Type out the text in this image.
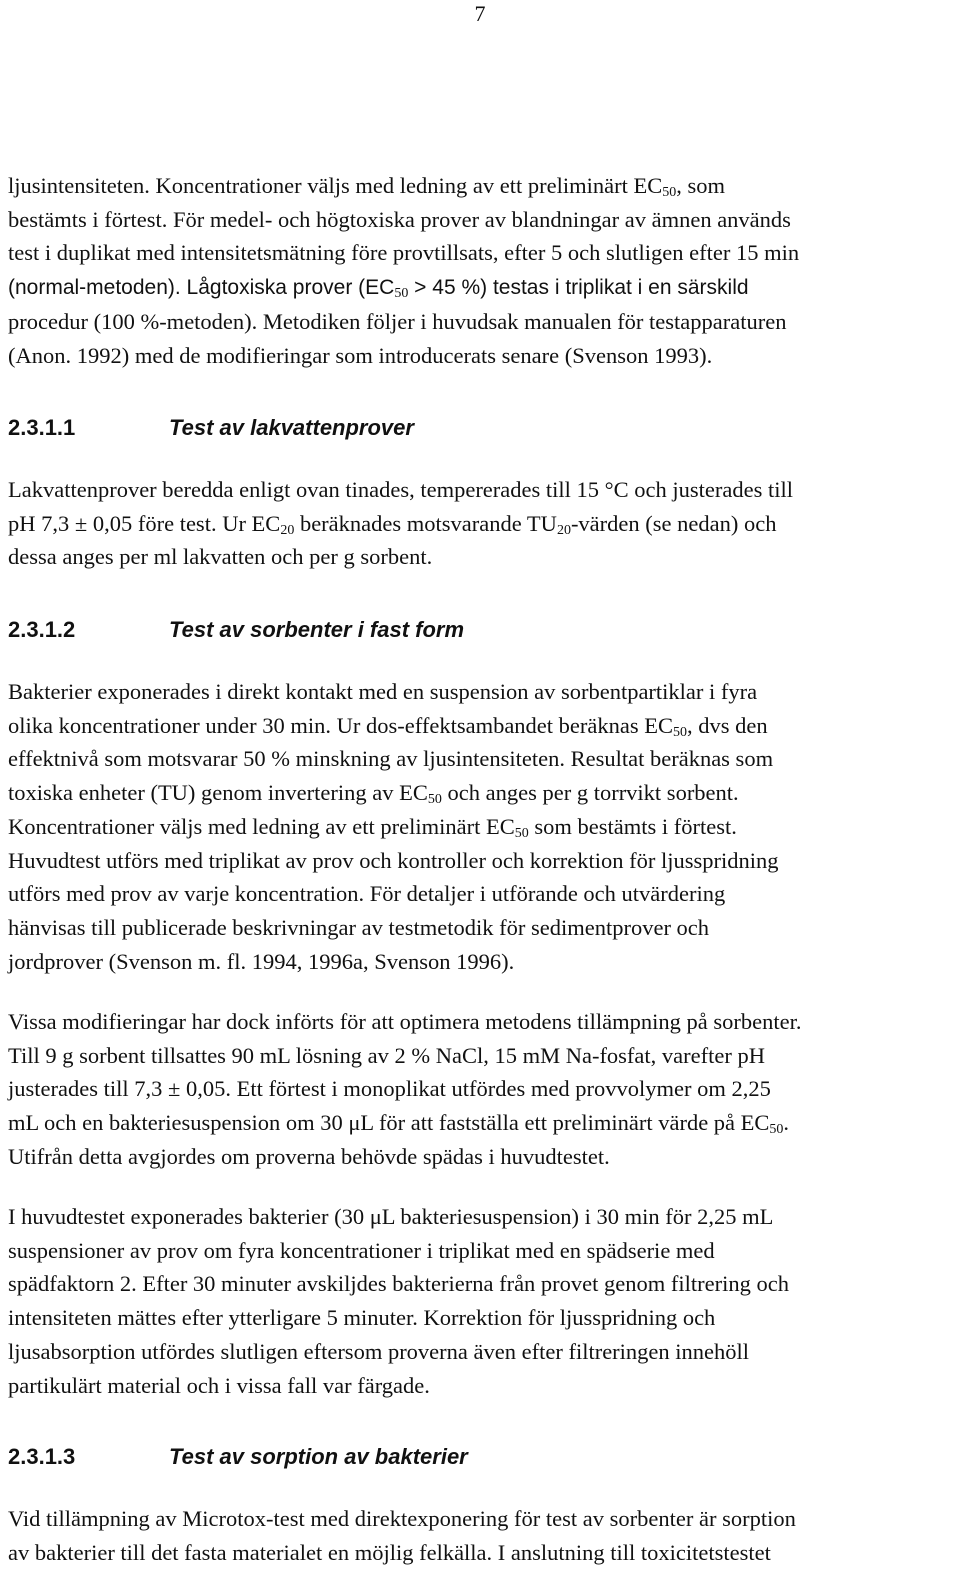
7
ljusintensiteten. Koncentrationer väljs med ledning av ett preliminärt $EC_{50}$, som
bestämts i förtest. För medel- och högtoxiska prover av blandningar av ämnen används
test i duplikat med intensitetsmätning före provtillsats, efter 5 och slutligen efter 15 min
(normal-metoden). Lågtoxiska prover ($EC_{50} > 45$ %) testas i triplikat i en särskild
procedur (100 %-metoden). Metodiken följer i huvudsak manualen för testapparaturen
(Anon. 1992) med de modifieringar som introducerats senare (Svenson 1993).
2.3.1.1	Test av lakvattenprover
Lakvattenprover beredda enligt ovan tinades, tempererades till 15 °C och justerades till
pH 7,3 ± 0,05 före test. Ur $EC_{20}$ beräknades motsvarande $TU_{20}$-värden (se nedan) och
dessa anges per ml lakvatten och per g sorbent.
2.3.1.2	Test av sorbenter i fast form
Bakterier exponerades i direkt kontakt med en suspension av sorbentpartiklar i fyra
olika koncentrationer under 30 min. Ur dos-effektsambandet beräknas $EC_{50}$, dvs den
effektnivå som motsvarar 50 % minskning av ljusintensiteten. Resultat beräknas som
toxiska enheter (TU) genom invertering av $EC_{50}$ och anges per g torrvikt sorbent.
Koncentrationer väljs med ledning av ett preliminärt $EC_{50}$ som bestämts i förtest.
Huvudtest utförs med triplikat av prov och kontroller och korrektion för ljusspridning
utförs med prov av varje koncentration. För detaljer i utförande och utvärdering
hänvisas till publicerade beskrivningar av testmetodik för sedimentprover och
jordprover (Svenson m. fl. 1994, 1996a, Svenson 1996).
Vissa modifieringar har dock införts för att optimera metodens tillämpning på sorbenter.
Till 9 g sorbent tillsattes 90 mL lösning av 2 % NaCl, 15 mM Na-fosfat, varefter pH
justerades till 7,3 ± 0,05. Ett förtest i monoplikat utfördes med provvolymer om 2,25
mL och en bakteriesuspension om 30 μL för att fastställa ett preliminärt värde på $EC_{50}$.
Utifrån detta avgjordes om proverna behövde spädas i huvudtestet.
I huvudtestet exponerades bakterier (30 μL bakteriesuspension) i 30 min för 2,25 mL
suspensioner av prov om fyra koncentrationer i triplikat med en spädserie med
spädfaktorn 2. Efter 30 minuter avskiljdes bakterierna från provet genom filtrering och
intensiteten mättes efter ytterligare 5 minuter. Korrektion för ljusspridning och
ljusabsorption utfördes slutligen eftersom proverna även efter filtreringen innehöll
partikulärt material och i vissa fall var färgade.
2.3.1.3	Test av sorption av bakterier
Vid tillämpning av Microtox-test med direktexponering för test av sorbenter är sorption
av bakterier till det fasta materialet en möjlig felkälla. I anslutning till toxicitetstestet
